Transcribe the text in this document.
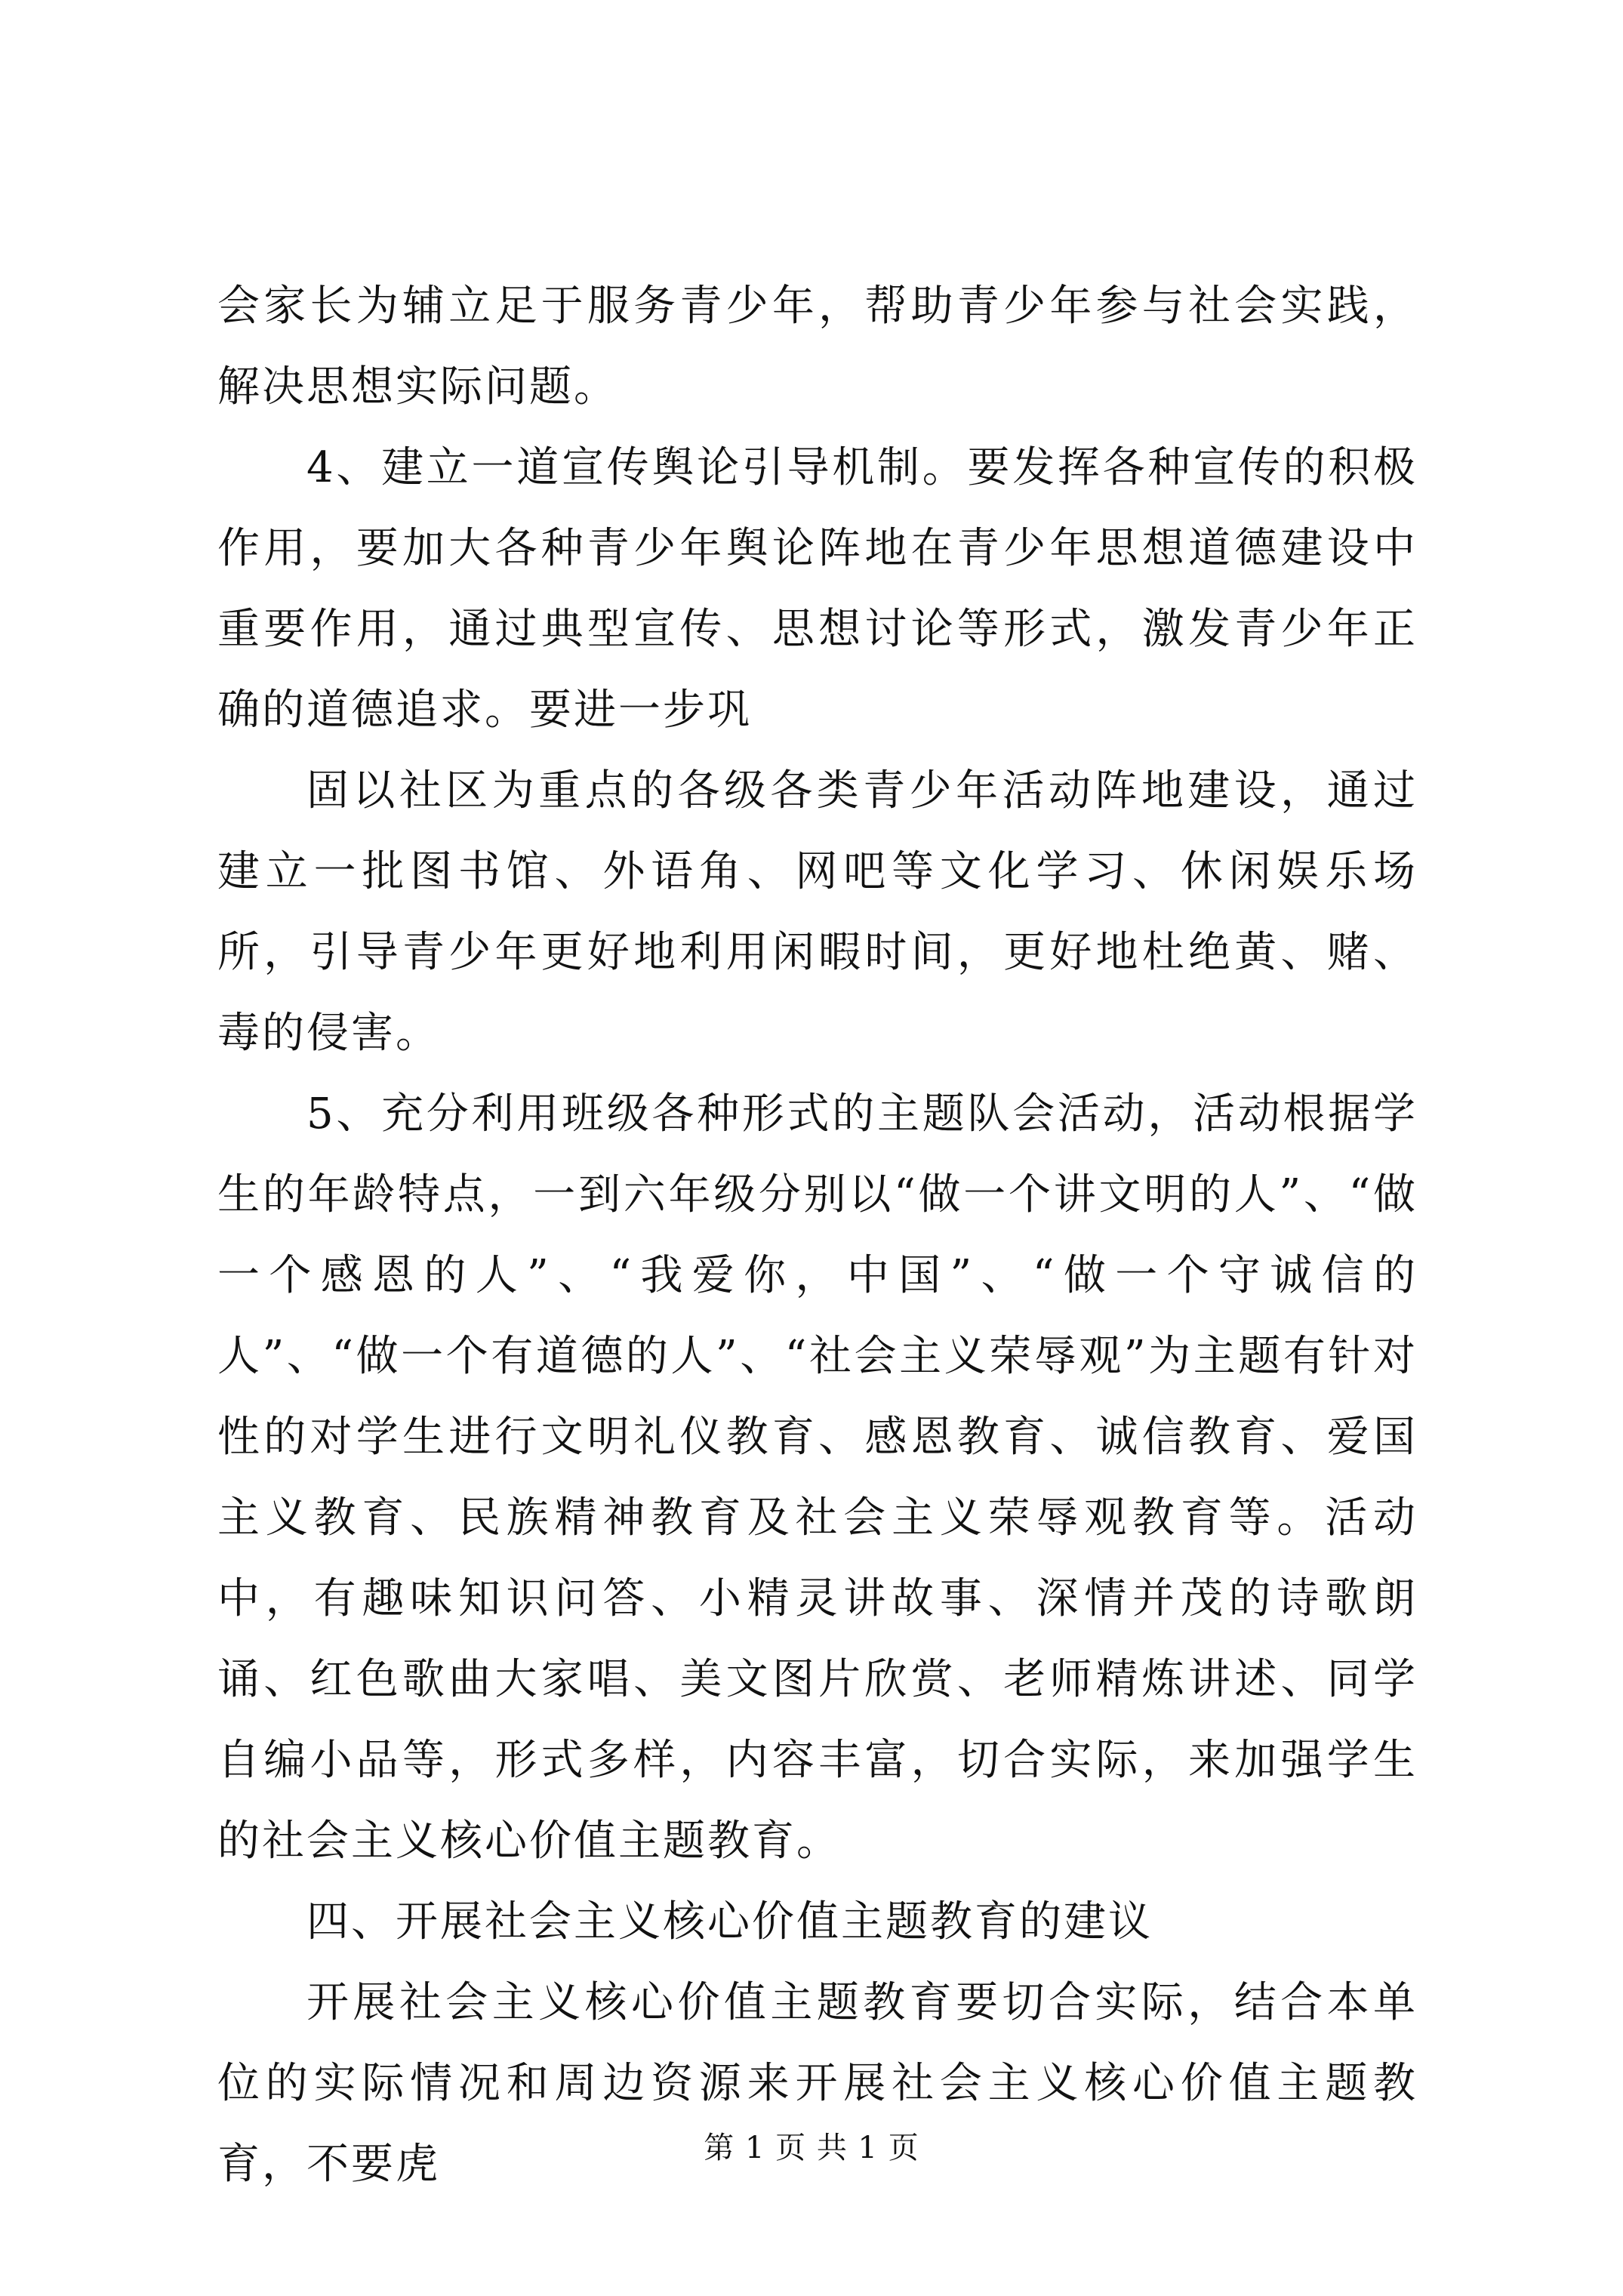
会家长为辅立足于服务青少年，帮助青少年参与社会实践，解决思想实际问题。

4、建立一道宣传舆论引导机制。要发挥各种宣传的积极作用，要加大各种青少年舆论阵地在青少年思想道德建设中重要作用，通过典型宣传、思想讨论等形式，激发青少年正确的道德追求。要进一步巩

固以社区为重点的各级各类青少年活动阵地建设，通过建立一批图书馆、外语角、网吧等文化学习、休闲娱乐场所，引导青少年更好地利用闲暇时间，更好地杜绝黄、赌、毒的侵害。

5、充分利用班级各种形式的主题队会活动，活动根据学生的年龄特点，一到六年级分别以“做一个讲文明的人”、“做一个感恩的人”、“我爱你，中国”、“做一个守诚信的人”、“做一个有道德的人”、“社会主义荣辱观”为主题有针对性的对学生进行文明礼仪教育、感恩教育、诚信教育、爱国主义教育、民族精神教育及社会主义荣辱观教育等。活动中，有趣味知识问答、小精灵讲故事、深情并茂的诗歌朗诵、红色歌曲大家唱、美文图片欣赏、老师精炼讲述、同学自编小品等，形式多样，内容丰富，切合实际，来加强学生的社会主义核心价值主题教育。

四、开展社会主义核心价值主题教育的建议

开展社会主义核心价值主题教育要切合实际，结合本单位的实际情况和周边资源来开展社会主义核心价值主题教育，不要虎	第 1 页 共 1 页
